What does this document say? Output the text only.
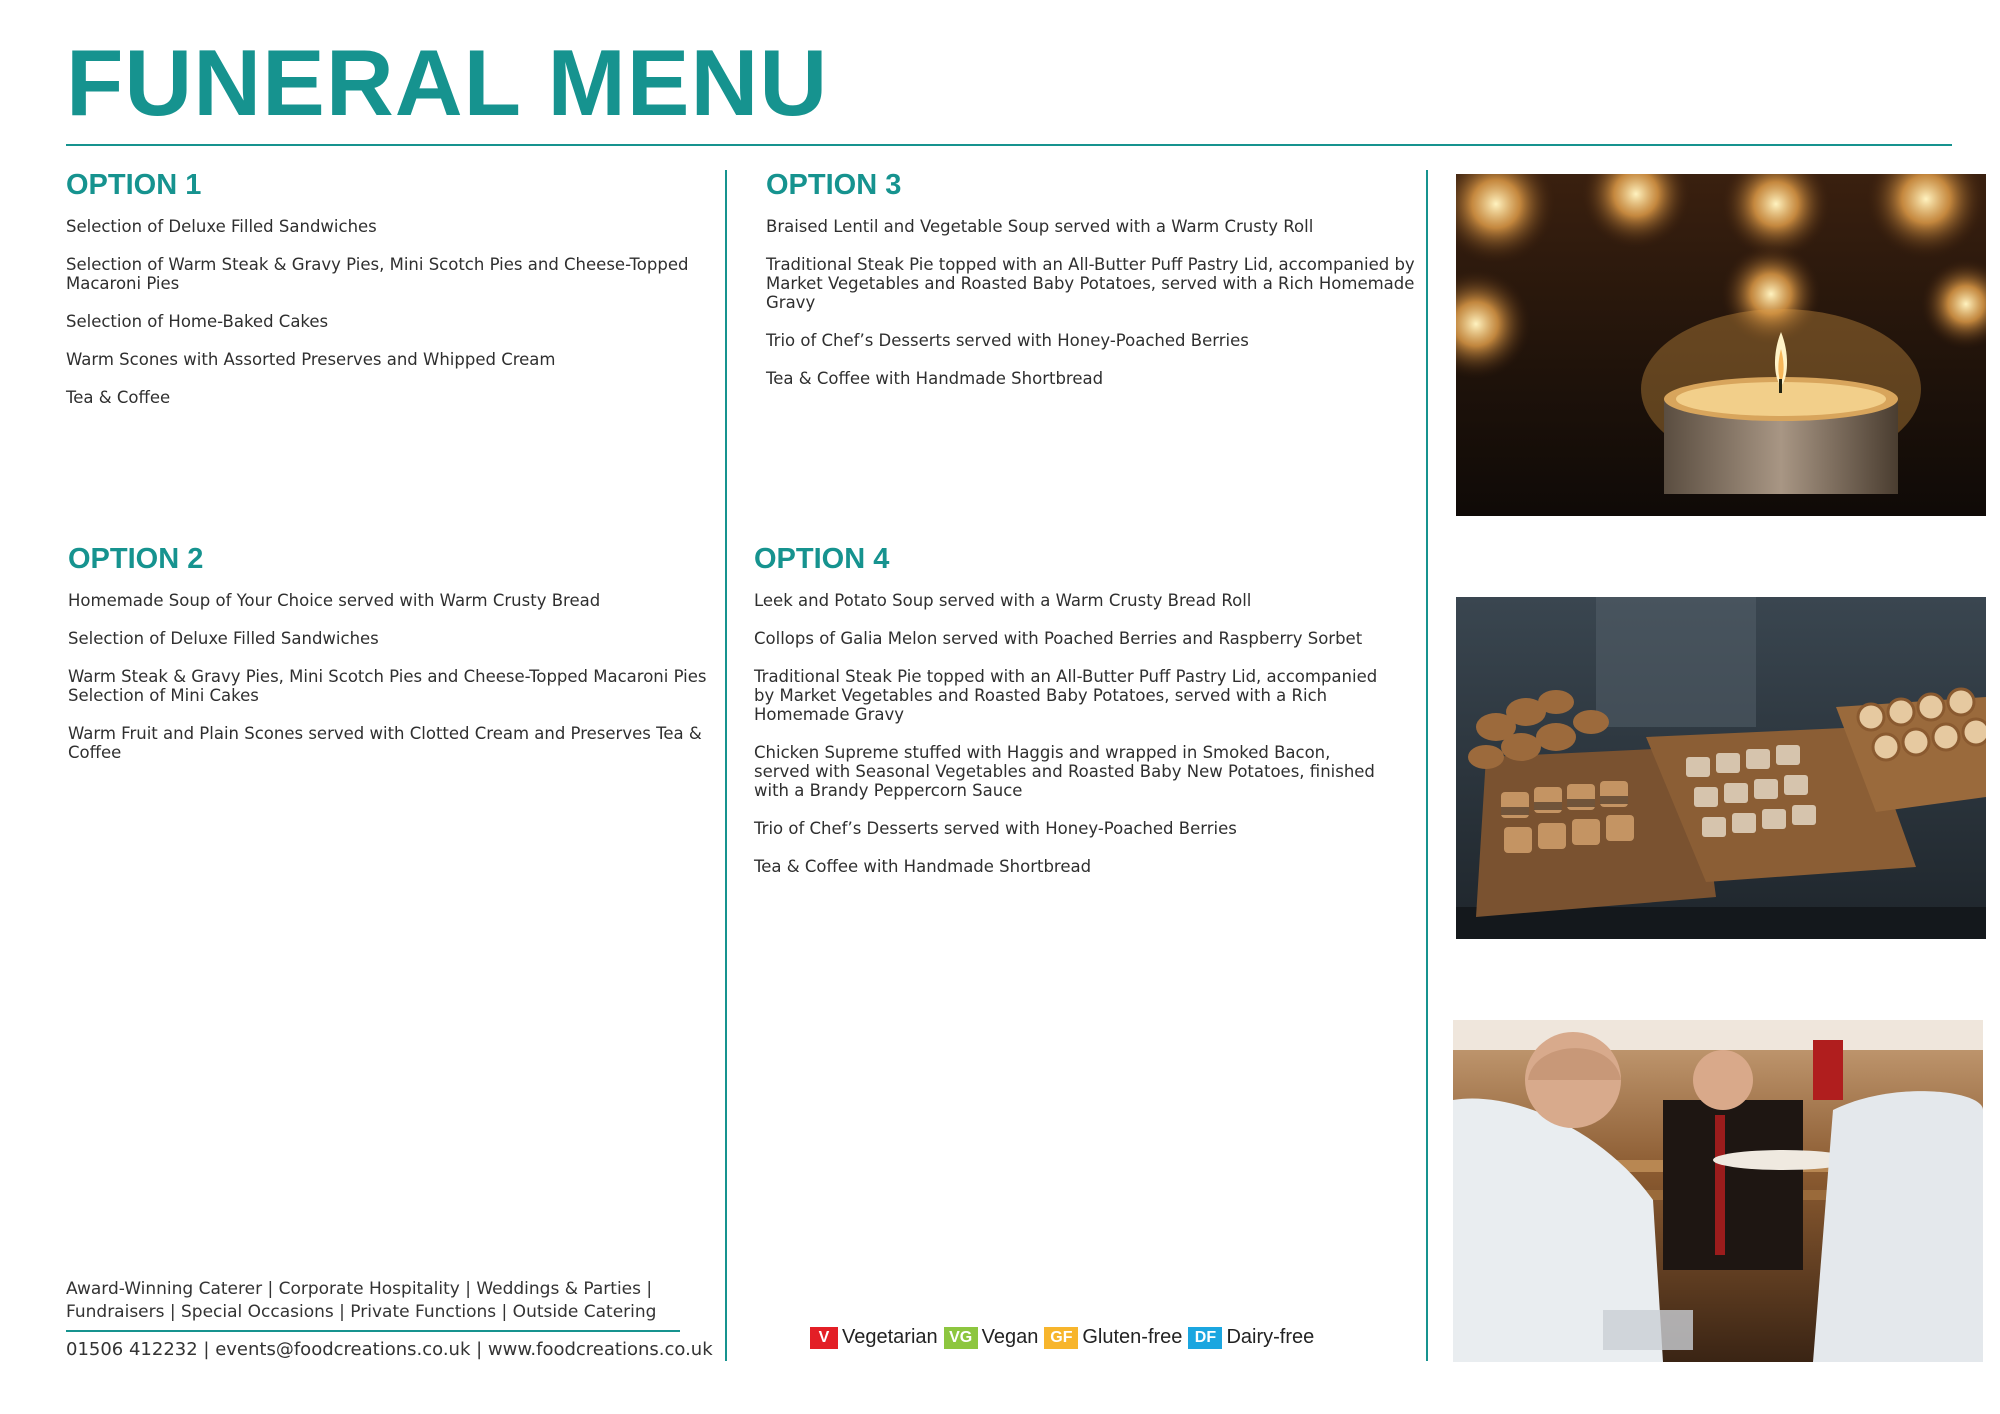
FUNERAL MENU
OPTION 1
Selection of Deluxe Filled Sandwiches
Selection of Warm Steak & Gravy Pies, Mini Scotch Pies and Cheese-Topped Macaroni Pies
Selection of Home-Baked Cakes
Warm Scones with Assorted Preserves and Whipped Cream
Tea & Coffee
OPTION 2
Homemade Soup of Your Choice served with Warm Crusty Bread
Selection of Deluxe Filled Sandwiches
Warm Steak & Gravy Pies, Mini Scotch Pies and Cheese-Topped Macaroni Pies Selection of Mini Cakes
Warm Fruit and Plain Scones served with Clotted Cream and Preserves Tea & Coffee
OPTION 3
Braised Lentil and Vegetable Soup served with a Warm Crusty Roll
Traditional Steak Pie topped with an All-Butter Puff Pastry Lid, accompanied by Market Vegetables and Roasted Baby Potatoes, served with a Rich Homemade Gravy
Trio of Chef’s Desserts served with Honey-Poached Berries
Tea & Coffee with Handmade Shortbread
OPTION 4
Leek and Potato Soup served with a Warm Crusty Bread Roll
Collops of Galia Melon served with Poached Berries and Raspberry Sorbet
Traditional Steak Pie topped with an All-Butter Puff Pastry Lid, accompanied by Market Vegetables and Roasted Baby Potatoes, served with a Rich Homemade Gravy
Chicken Supreme stuffed with Haggis and wrapped in Smoked Bacon, served with Seasonal Vegetables and Roasted Baby New Potatoes, finished with a Brandy Peppercorn Sauce
Trio of Chef’s Desserts served with Honey-Poached Berries
Tea & Coffee with Handmade Shortbread
Award-Winning Caterer | Corporate Hospitality | Weddings & Parties |
Fundraisers | Special Occasions | Private Functions | Outside Catering
01506 412232 | events@foodcreations.co.uk | www.foodcreations.co.uk
V Vegetarian VG Vegan GF Gluten-free DF Dairy-free
